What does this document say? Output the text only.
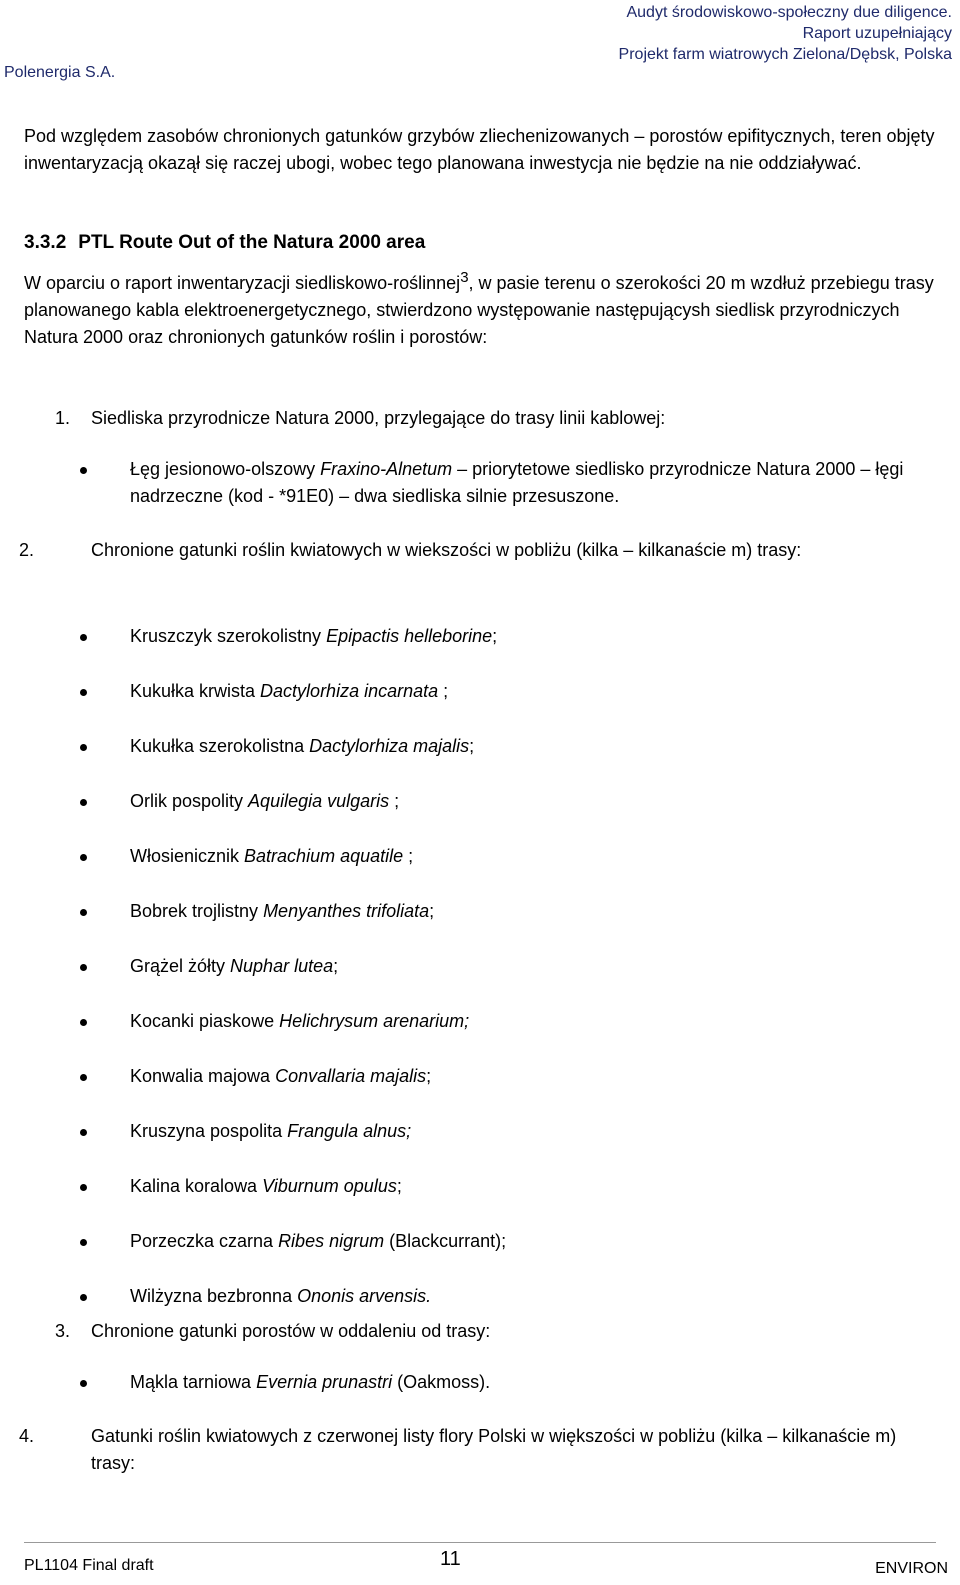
Audyt środowiskowo-społeczny due diligence.
Raport uzupełniający
Projekt farm wiatrowych Zielona/Dębsk, Polska
Polenergia S.A.
Pod względem zasobów chronionych gatunków grzybów zliechenizowanych – porostów epifitycznych, teren objęty inwentaryzacją okazął się raczej ubogi, wobec tego planowana inwestycja nie będzie na nie oddziaływać.
3.3.2 PTL Route Out of the Natura 2000 area
W oparciu o raport inwentaryzacji siedliskowo-roślinnej$^3$, w pasie terenu o szerokości 20 m wzdłuż przebiegu trasy planowanego kabla elektroenergetycznego, stwierdzono występowanie następującysh siedlisk przyrodniczych Natura 2000 oraz chronionych gatunków roślin i porostów:
1. Siedliska przyrodnicze Natura 2000, przylegające do trasy linii kablowej:
Łęg jesionowo-olszowy Fraxino-Alnetum – priorytetowe siedlisko przyrodnicze Natura 2000 – łęgi nadrzeczne (kod - *91E0) – dwa siedliska silnie przesuszone.
2.	Chronione gatunki roślin kwiatowych w wiekszości w pobliżu (kilka – kilkanaście m) trasy:
Kruszczyk szerokolistny Epipactis helleborine;
Kukułka krwista Dactylorhiza incarnata ;
Kukułka szerokolistna Dactylorhiza majalis;
Orlik pospolity Aquilegia vulgaris ;
Włosienicznik Batrachium aquatile ;
Bobrek trojlistny Menyanthes trifoliata;
Grążel żółty Nuphar lutea;
Kocanki piaskowe Helichrysum arenarium;
Konwalia majowa Convallaria majalis;
Kruszyna pospolita Frangula alnus;
Kalina koralowa Viburnum opulus;
Porzeczka czarna Ribes nigrum (Blackcurrant);
Wilżyzna bezbronna Ononis arvensis.
3. Chronione gatunki porostów w oddaleniu od trasy:
Mąkla tarniowa Evernia prunastri (Oakmoss).
4.	Gatunki roślin kwiatowych z czerwonej listy flory Polski w większości w pobliżu (kilka – kilkanaście m) trasy:
PL1104 Final draft	11	ENVIRON
